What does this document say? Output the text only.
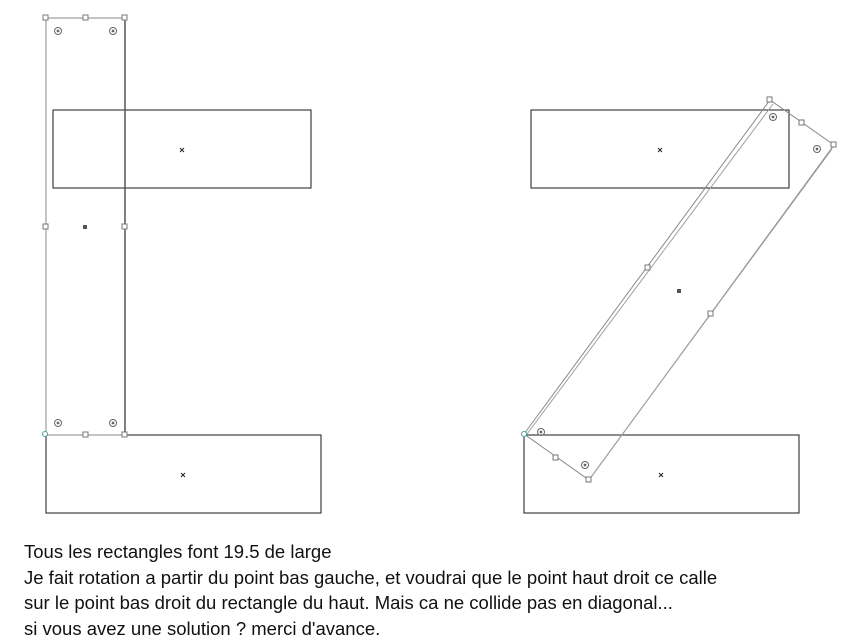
Tous les rectangles font 19.5 de large
Je fait rotation a partir du point bas gauche, et voudrai que le point haut droit ce calle
sur le point bas droit du rectangle du haut. Mais ca ne collide pas en diagonal...
si vous avez une solution ? merci d'avance.
